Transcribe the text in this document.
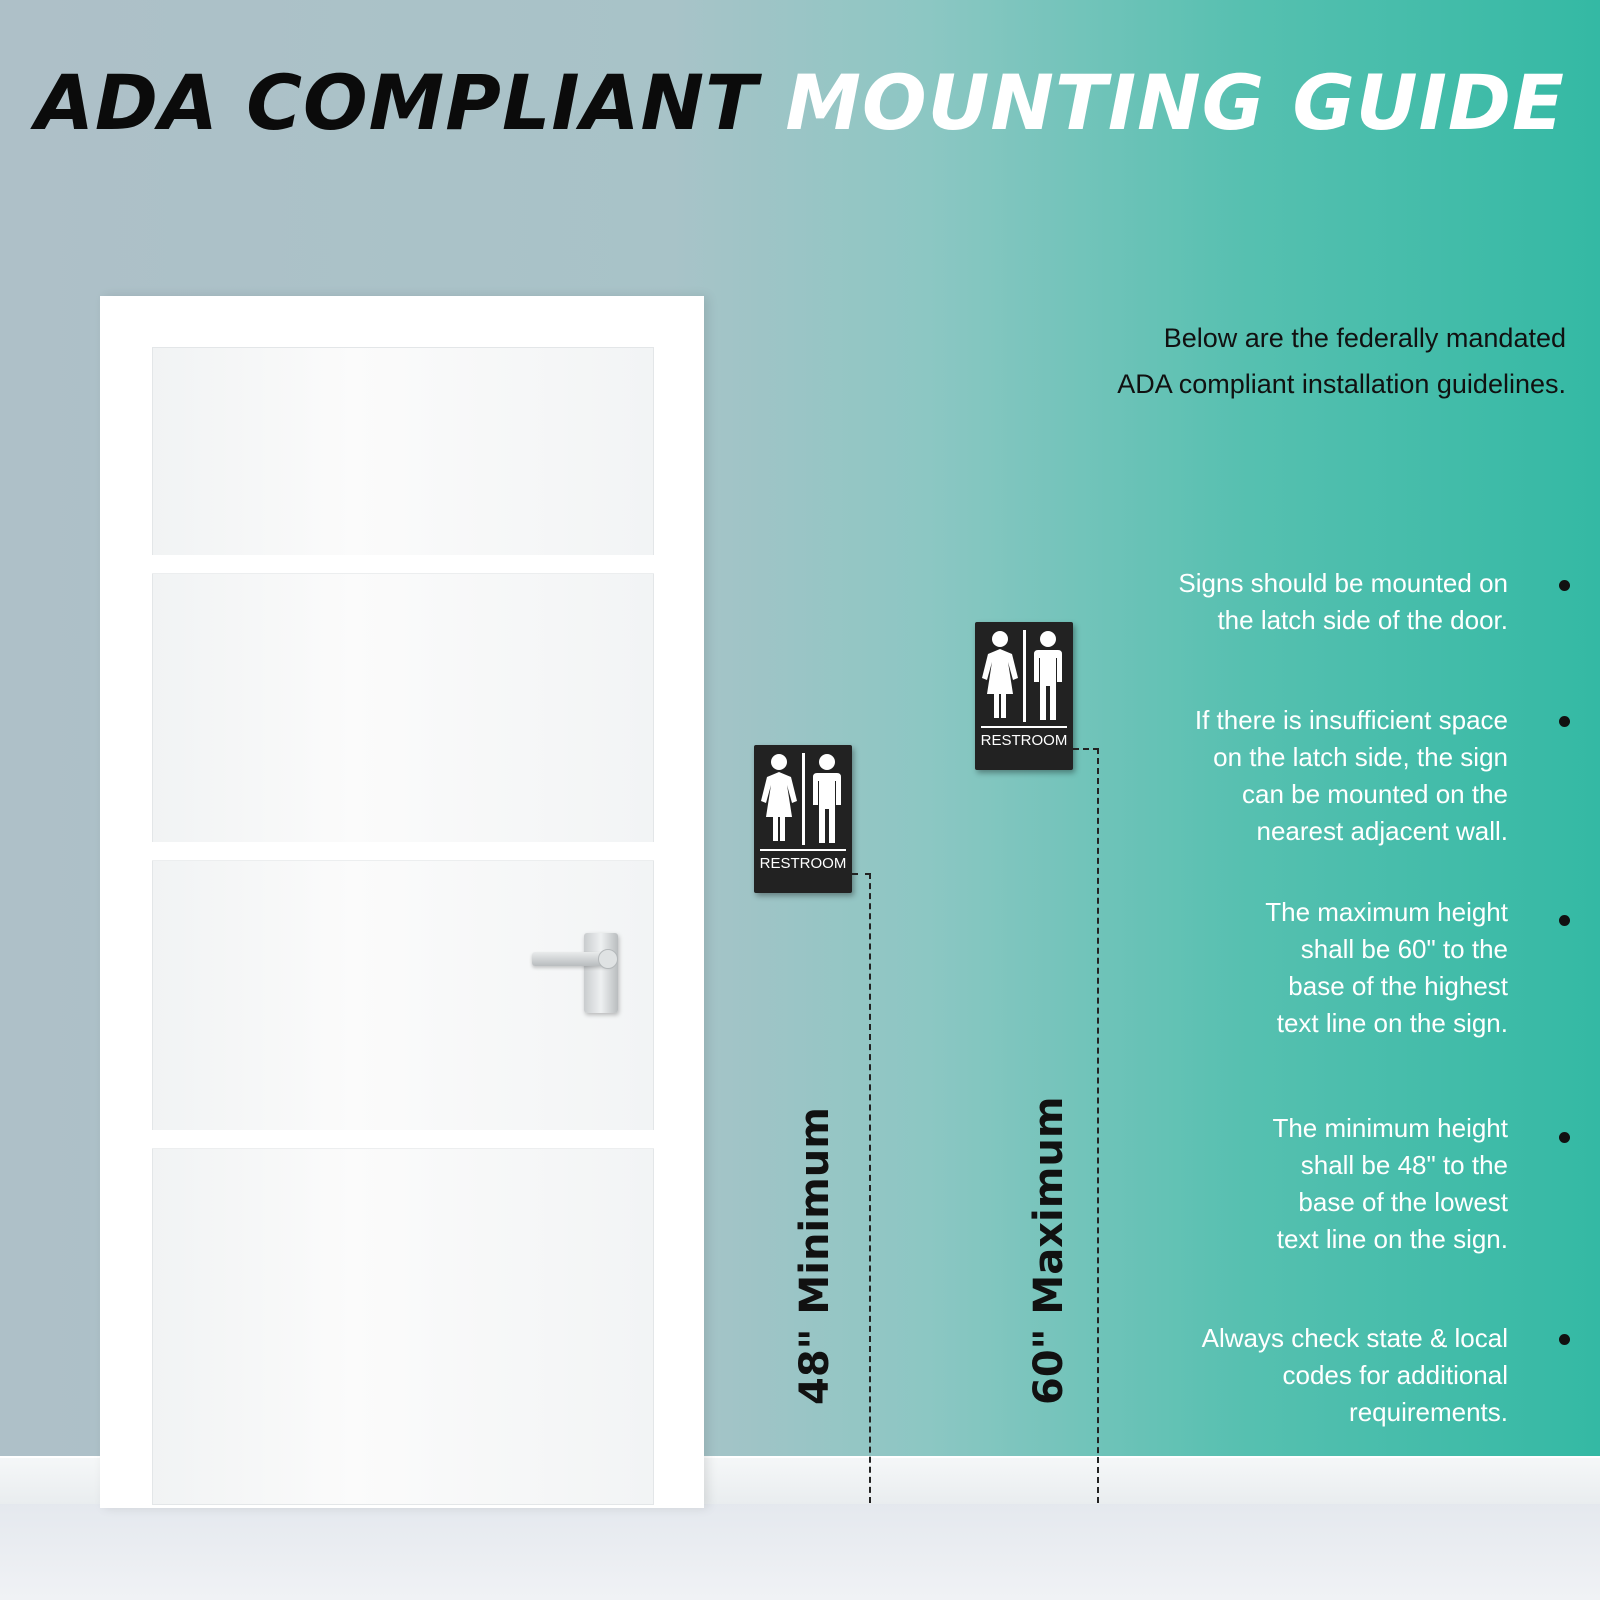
ADA COMPLIANT MOUNTING GUIDE
Below are the federally mandated
ADA compliant installation guidelines.
RESTROOM
RESTROOM
48" Minimum	60" Maximum
Signs should be mounted on
the latch side of the door.
If there is insufficient space
on the latch side, the sign
can be mounted on the
nearest adjacent wall.
The maximum height
shall be 60" to the
base of the highest
text line on the sign.
The minimum height
shall be 48" to the
base of the lowest
text line on the sign.
Always check state & local
codes for additional
requirements.
